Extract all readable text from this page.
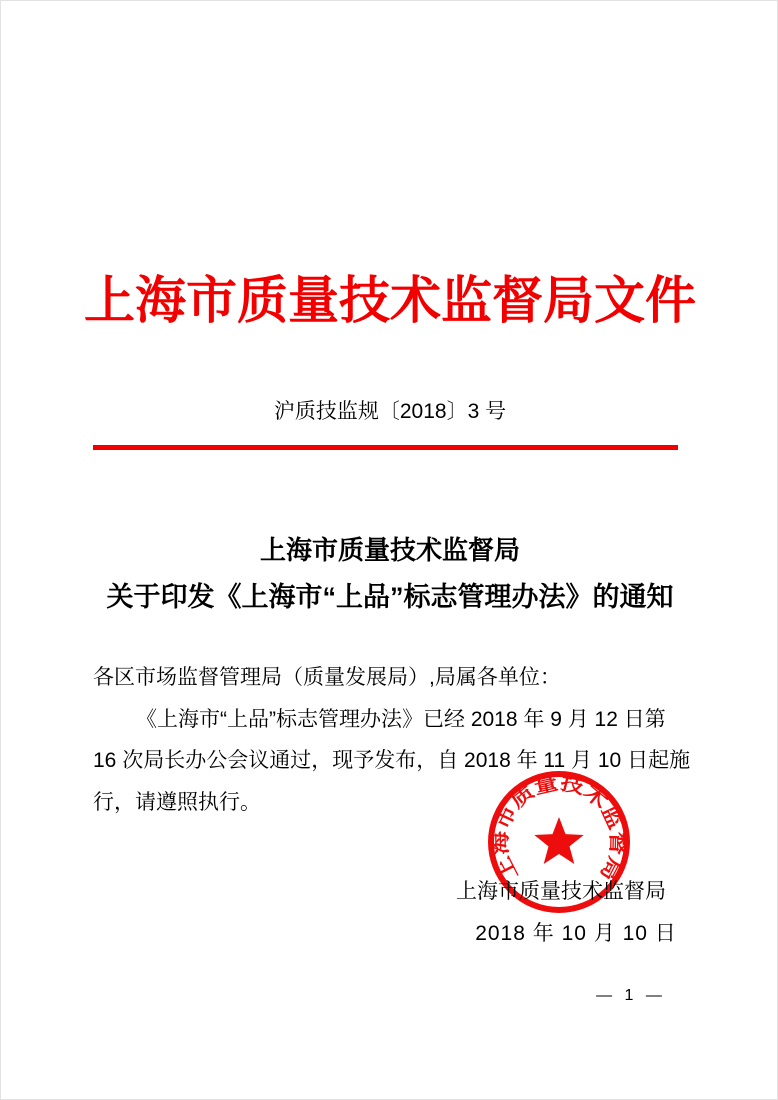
上海市质量技术监督局文件
沪质技监规〔2018〕3 号
上海市质量技术监督局
关于印发《上海市“上品”标志管理办法》的通知
各区市场监督管理局（质量发展局）,局属各单位：
《上海市“上品”标志管理办法》已经 2018 年 9 月 12 日第
16 次局长办公会议通过，现予发布，自 2018 年 11 月 10 日起施
行，请遵照执行。
上海市质量技术监督局
上海市质量技术监督局
2018 年 10 月 10 日
— 1 —
